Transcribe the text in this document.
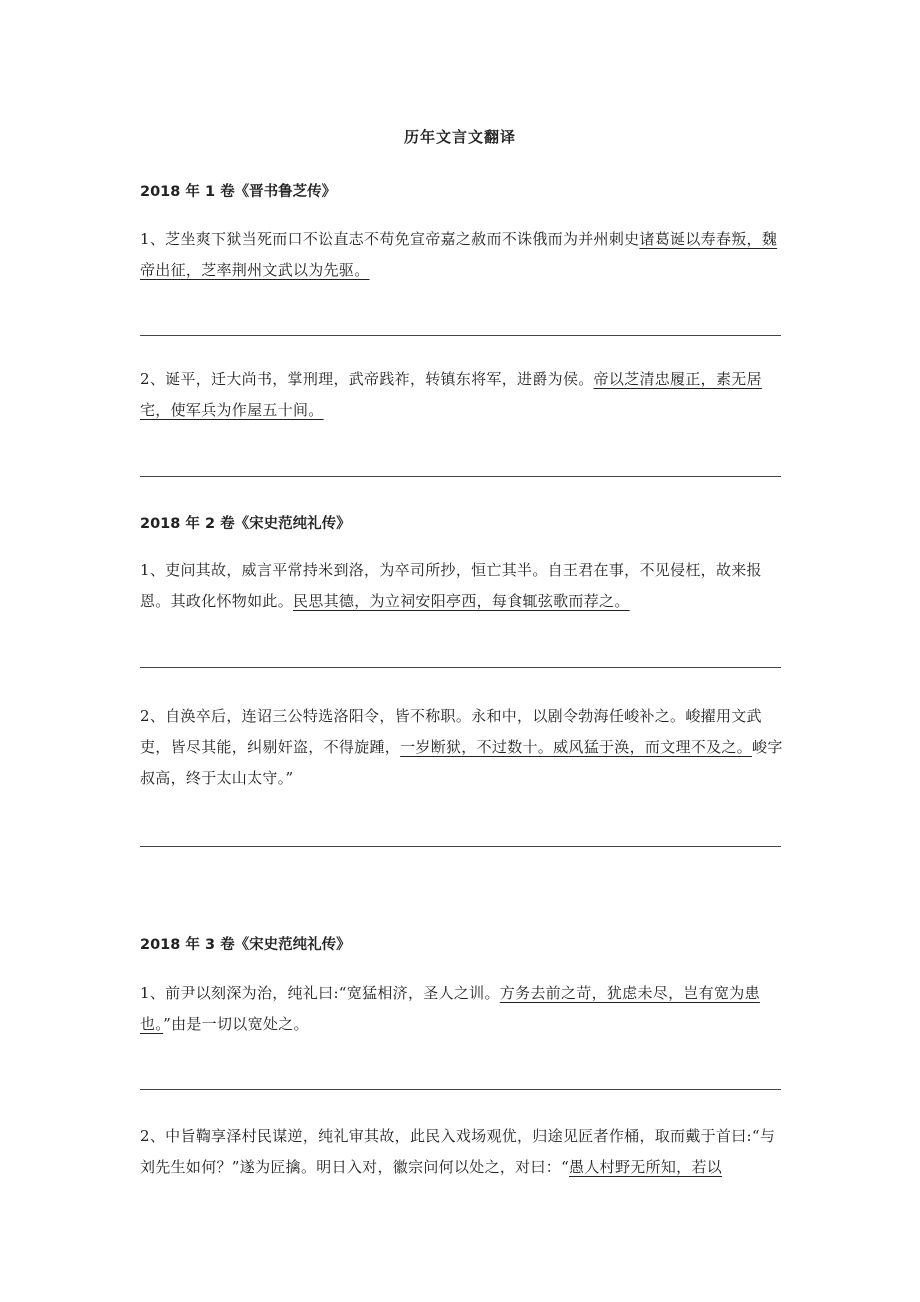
历年文言文翻译
2018 年 1 卷《晋书鲁芝传》
1、芝坐爽下狱当死而口不讼直志不苟免宣帝嘉之赦而不诛俄而为并州刺史诸葛诞以寿春叛，魏帝出征，芝率荆州文武以为先驱。
2、诞平，迁大尚书，掌刑理，武帝践祚，转镇东将军，进爵为侯。帝以芝清忠履正，素无居宅，使军兵为作屋五十间。
2018 年 2 卷《宋史范纯礼传》
1、吏问其故，威言平常持米到洛，为卒司所抄，恒亡其半。自王君在事，不见侵枉，故来报恩。其政化怀物如此。民思其德，为立祠安阳亭西，每食辄弦歌而荐之。
2、自涣卒后，连诏三公特选洛阳令，皆不称职。永和中，以剧令勃海任峻补之。峻擢用文武吏，皆尽其能，纠剔奸盗，不得旋踵，一岁断狱，不过数十。威风猛于涣，而文理不及之。峻字叔高，终于太山太守。”
2018 年 3 卷《宋史范纯礼传》
1、前尹以刻深为治，纯礼曰:“宽猛相济，圣人之训。方务去前之苛，犹虑未尽，岂有宽为患也。”由是一切以宽处之。
2、中旨鞫享泽村民谋逆，纯礼审其故，此民入戏场观优，归途见匠者作桶，取而戴于首曰:“与刘先生如何？”遂为匠擒。明日入对，徽宗问何以处之，对曰：“愚人村野无所知，若以
